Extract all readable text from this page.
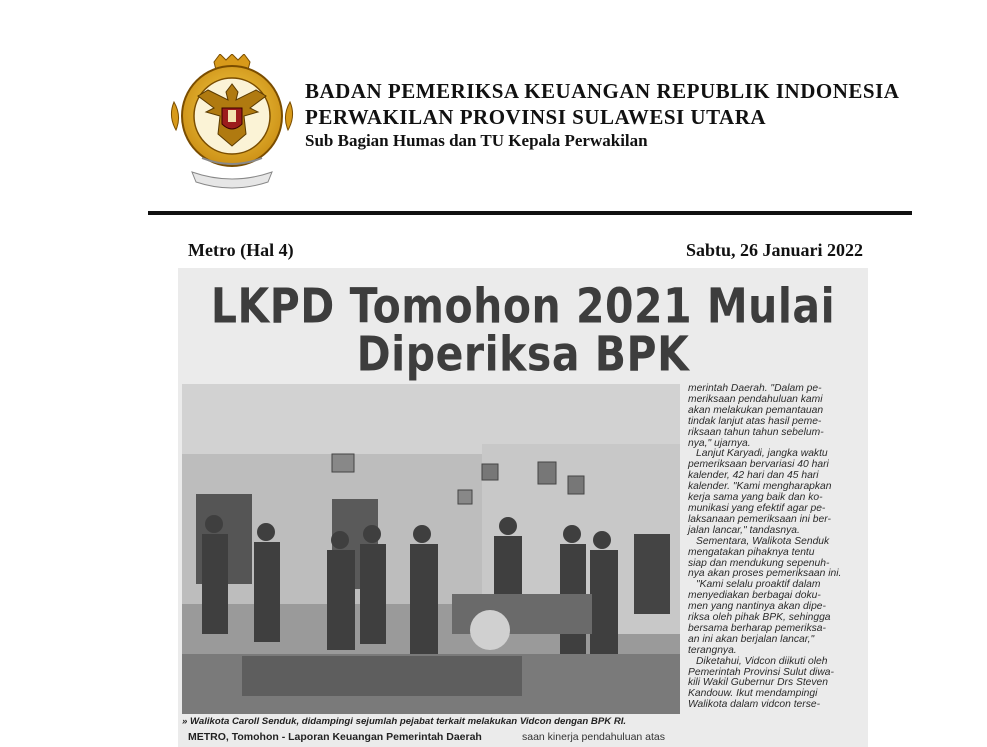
BADAN PEMERIKSA KEUANGAN REPUBLIK INDONESIA
PERWAKILAN PROVINSI SULAWESI UTARA
Sub Bagian Humas dan TU Kepala Perwakilan
Metro (Hal 4)	Sabtu, 26 Januari 2022
LKPD Tomohon 2021 Mulai
Diperiksa BPK
» Walikota Caroll Senduk, didampingi sejumlah pejabat terkait melakukan Vidcon dengan BPK RI.
METRO, Tomohon - Laporan Keuangan Pemerintah Daerah	saan kinerja pendahuluan atas
merintah Daerah. "Dalam pe-
meriksaan pendahuluan kami
akan melakukan pemantauan
tindak lanjut atas hasil peme-
riksaan tahun tahun sebelum-
nya," ujarnya.
Lanjut Karyadi, jangka waktu
pemeriksaan bervariasi 40 hari
kalender, 42 hari dan 45 hari
kalender. "Kami mengharapkan
kerja sama yang baik dan ko-
munikasi yang efektif agar pe-
laksanaan pemeriksaan ini ber-
jalan lancar," tandasnya.
Sementara, Walikota Senduk
mengatakan pihaknya tentu
siap dan mendukung sepenuh-
nya akan proses pemeriksaan ini.
"Kami selalu proaktif dalam
menyediakan berbagai doku-
men yang nantinya akan dipe-
riksa oleh pihak BPK, sehingga
bersama berharap pemeriksa-
an ini akan berjalan lancar,"
terangnya.
Diketahui, Vidcon diikuti oleh
Pemerintah Provinsi Sulut diwa-
kili Wakil Gubernur Drs Steven
Kandouw. Ikut mendampingi
Walikota dalam vidcon terse-
